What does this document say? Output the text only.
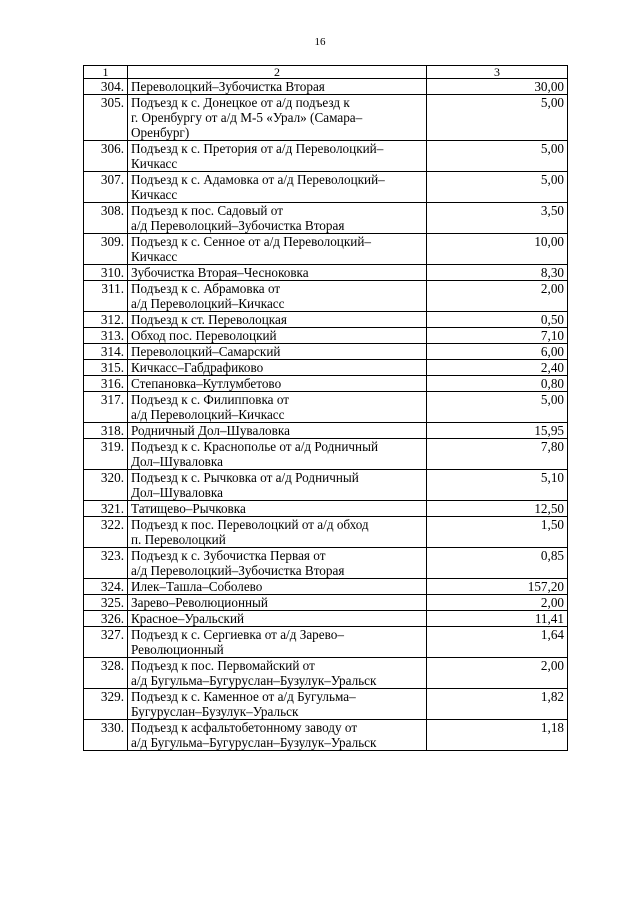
16
1	2	3
304.	Переволоцкий–Зубочистка Вторая	30,00
305.	Подъезд к с. Донецкое от а/д подъезд к
г. Оренбургу от а/д М-5 «Урал» (Самара–
Оренбург)	5,00
306.	Подъезд к с. Претория от а/д Переволоцкий–
Кичкасс	5,00
307.	Подъезд к с. Адамовка от а/д Переволоцкий–
Кичкасс	5,00
308.	Подъезд к пос. Садовый от
а/д Переволоцкий–Зубочистка Вторая	3,50
309.	Подъезд к с. Сенное от а/д Переволоцкий–
Кичкасс	10,00
310.	Зубочистка Вторая–Чесноковка	8,30
311.	Подъезд к с. Абрамовка от
а/д Переволоцкий–Кичкасс	2,00
312.	Подъезд к ст. Переволоцкая	0,50
313.	Обход пос. Переволоцкий	7,10
314.	Переволоцкий–Самарский	6,00
315.	Кичкасс–Габдрафиково	2,40
316.	Степановка–Кутлумбетово	0,80
317.	Подъезд к с. Филипповка от
а/д Переволоцкий–Кичкасс	5,00
318.	Родничный Дол–Шуваловка	15,95
319.	Подъезд к с. Краснополье от а/д Родничный
Дол–Шуваловка	7,80
320.	Подъезд к с. Рычковка от а/д Родничный
Дол–Шуваловка	5,10
321.	Татищево–Рычковка	12,50
322.	Подъезд к пос. Переволоцкий от а/д обход
п. Переволоцкий	1,50
323.	Подъезд к с. Зубочистка Первая от
а/д Переволоцкий–Зубочистка Вторая	0,85
324.	Илек–Ташла–Соболево	157,20
325.	Зарево–Революционный	2,00
326.	Красное–Уральский	11,41
327.	Подъезд к с. Сергиевка от а/д Зарево–
Революционный	1,64
328.	Подъезд к пос. Первомайский от
а/д Бугульма–Бугуруслан–Бузулук–Уральск	2,00
329.	Подъезд к с. Каменное от а/д Бугульма–
Бугуруслан–Бузулук–Уральск	1,82
330.	Подъезд к асфальтобетонному заводу от
а/д Бугульма–Бугуруслан–Бузулук–Уральск	1,18
